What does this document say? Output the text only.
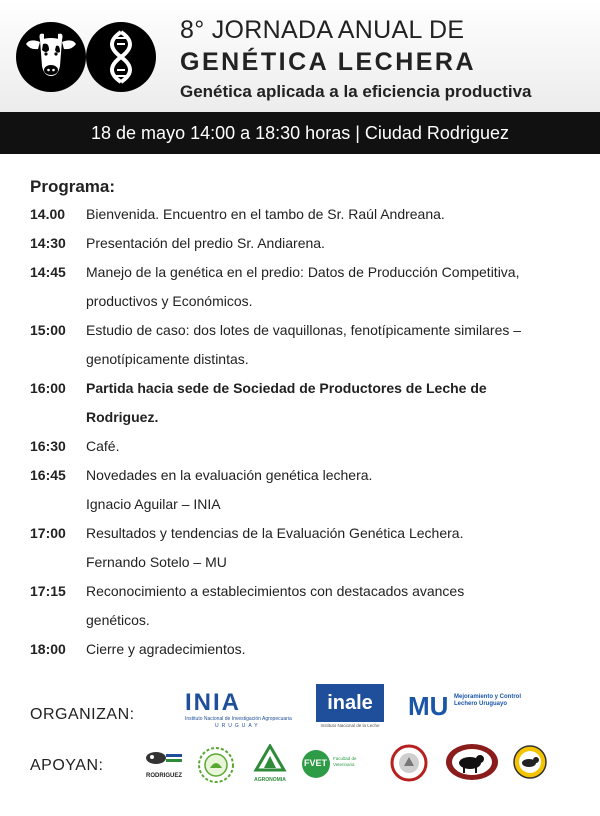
8° JORNADA ANUAL DE
GENÉTICA LECHERA
Genética aplicada a la eficiencia productiva
18 de mayo 14:00 a 18:30 horas | Ciudad Rodriguez
Programa:
14.00	Bienvenida. Encuentro en el tambo de Sr. Raúl Andreana.
14:30	Presentación del predio Sr. Andiarena.
14:45	Manejo de la genética en el predio: Datos de Producción Competitiva,
productivos y Económicos.
15:00	Estudio de caso: dos lotes de vaquillonas, fenotípicamente similares –
genotípicamente distintas.
16:00	Partida hacia sede de Sociedad de Productores de Leche de
Rodriguez.
16:30	Café.
16:45	Novedades en la evaluación genética lechera.
Ignacio Aguilar – INIA
17:00	Resultados y tendencias de la Evaluación Genética Lechera.
Fernando Sotelo – MU
17:15	Reconocimiento a establecimientos con destacados avances
genéticos.
18:00	Cierre y agradecimientos.
ORGANIZAN: INIA
Instituto Nacional de Investigación Agropecuaria
URUGUAY
inale
Instituto Nacional de la Leche
MU Mejoramiento y Control Lechero Uruguayo
APOYAN:
RODRIGUEZ
AGRONOMIA
FVET Facultad de Veterinaria
